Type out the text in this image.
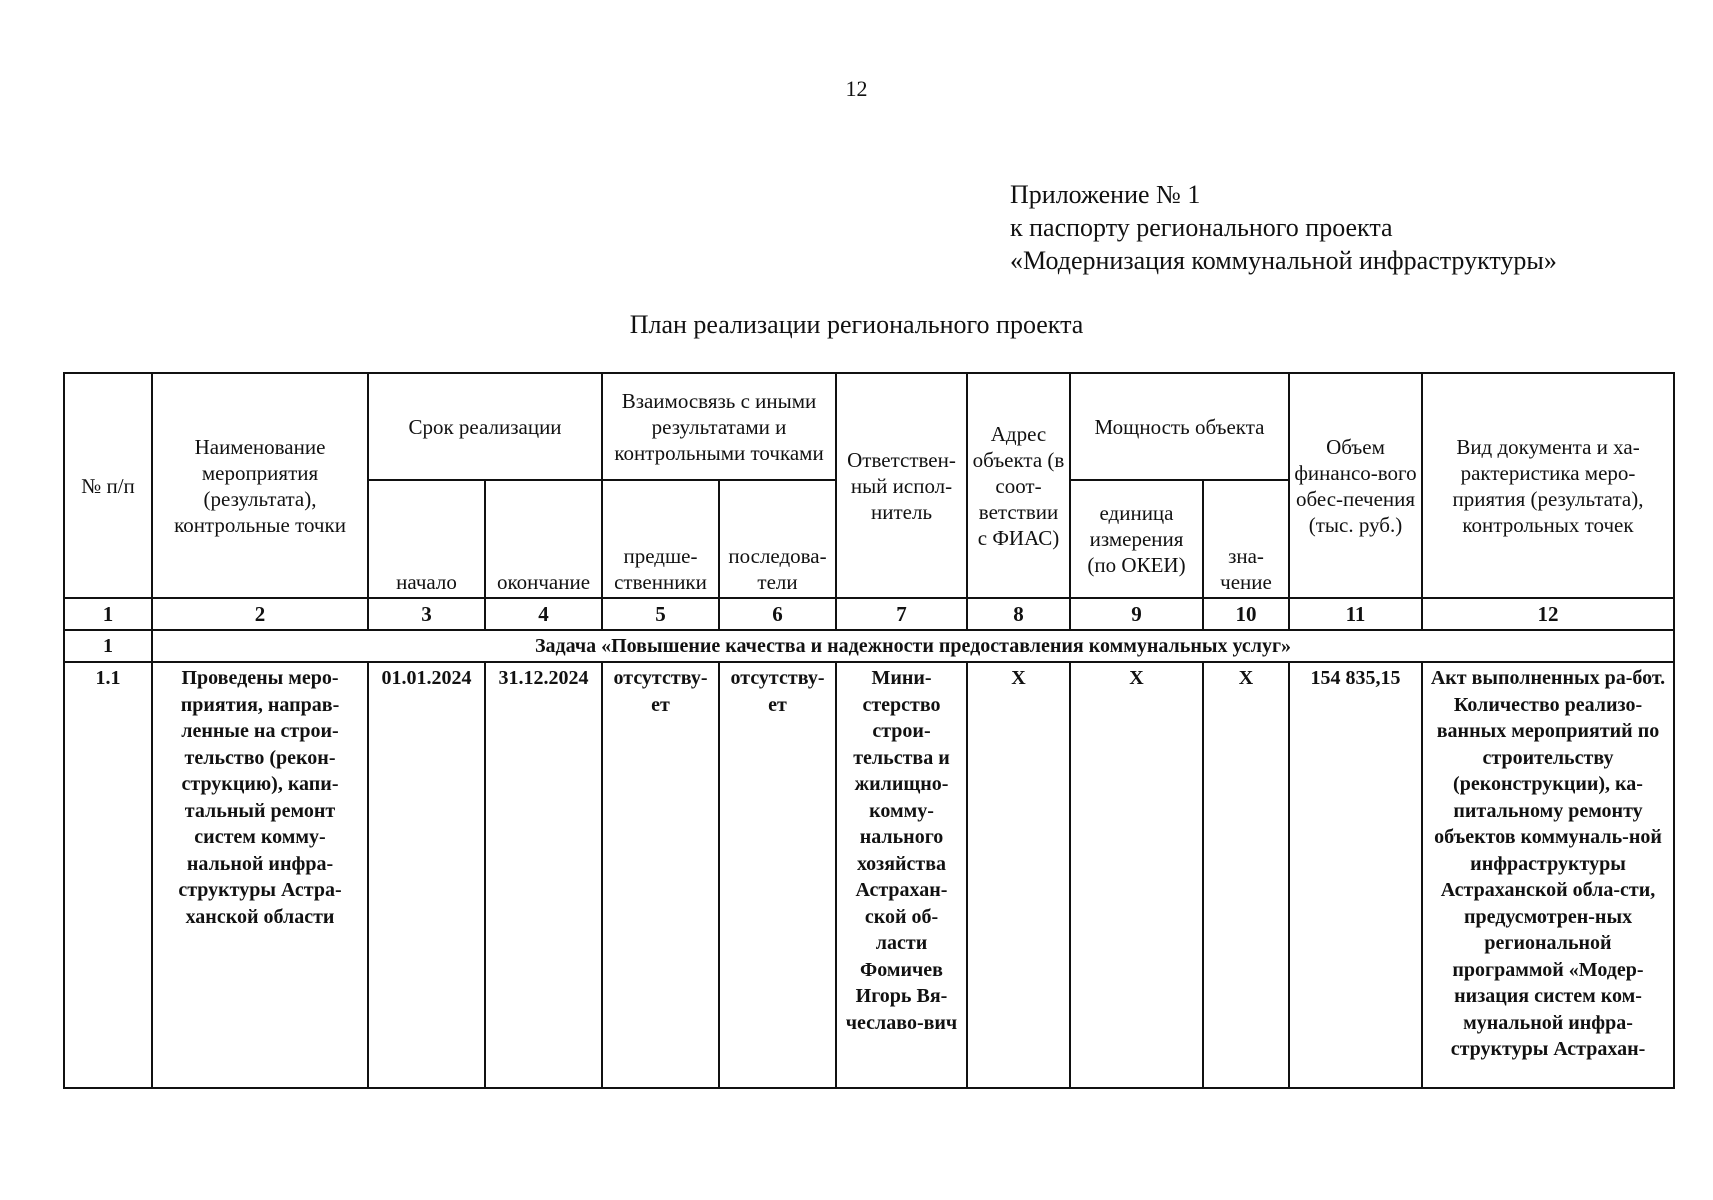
12
Приложение № 1
к паспорту регионального проекта
«Модернизация коммунальной инфраструктуры»
План реализации регионального проекта
№ п/п	Наименование мероприятия (результата), контрольные точки	Срок реализации		Взаимосвязь с иными результатами и контрольными точками		Ответствен-ный испол-нитель	Адрес объекта (в соот-ветствии с ФИАС)	Мощность объекта		Объем финансо-вого обес-печения (тыс. руб.)	Вид документа и ха-рактеристика меро-приятия (результата), контрольных точек
		начало	окончание	предше-ственники	последова-тели			единица измерения (по ОКЕИ)	зна-чение		
1	2	3	4	5	6	7	8	9	10	11	12
1	Задача «Повышение качества и надежности предоставления коммунальных услуг»										
1.1	Проведены меро-приятия, направ-ленные на строи-тельство (рекон-струкцию), капи-тальный ремонт систем комму-нальной инфра-структуры Астра-ханской области	01.01.2024	31.12.2024	отсутству-ет	отсутству-ет	Мини-стерство строи-тельства и жилищно-комму-нального хозяйства Астрахан-ской об-ласти Фомичев Игорь Вя-чеславо-вич	Х	Х	Х	154 835,15	Акт выполненных ра-бот. Количество реализо-ванных мероприятий по строительству (реконструкции), ка-питальному ремонту объектов коммуналь-ной инфраструктуры Астраханской обла-сти, предусмотрен-ных региональной программой «Модер-низация систем ком-мунальной инфра-структуры Астрахан-
